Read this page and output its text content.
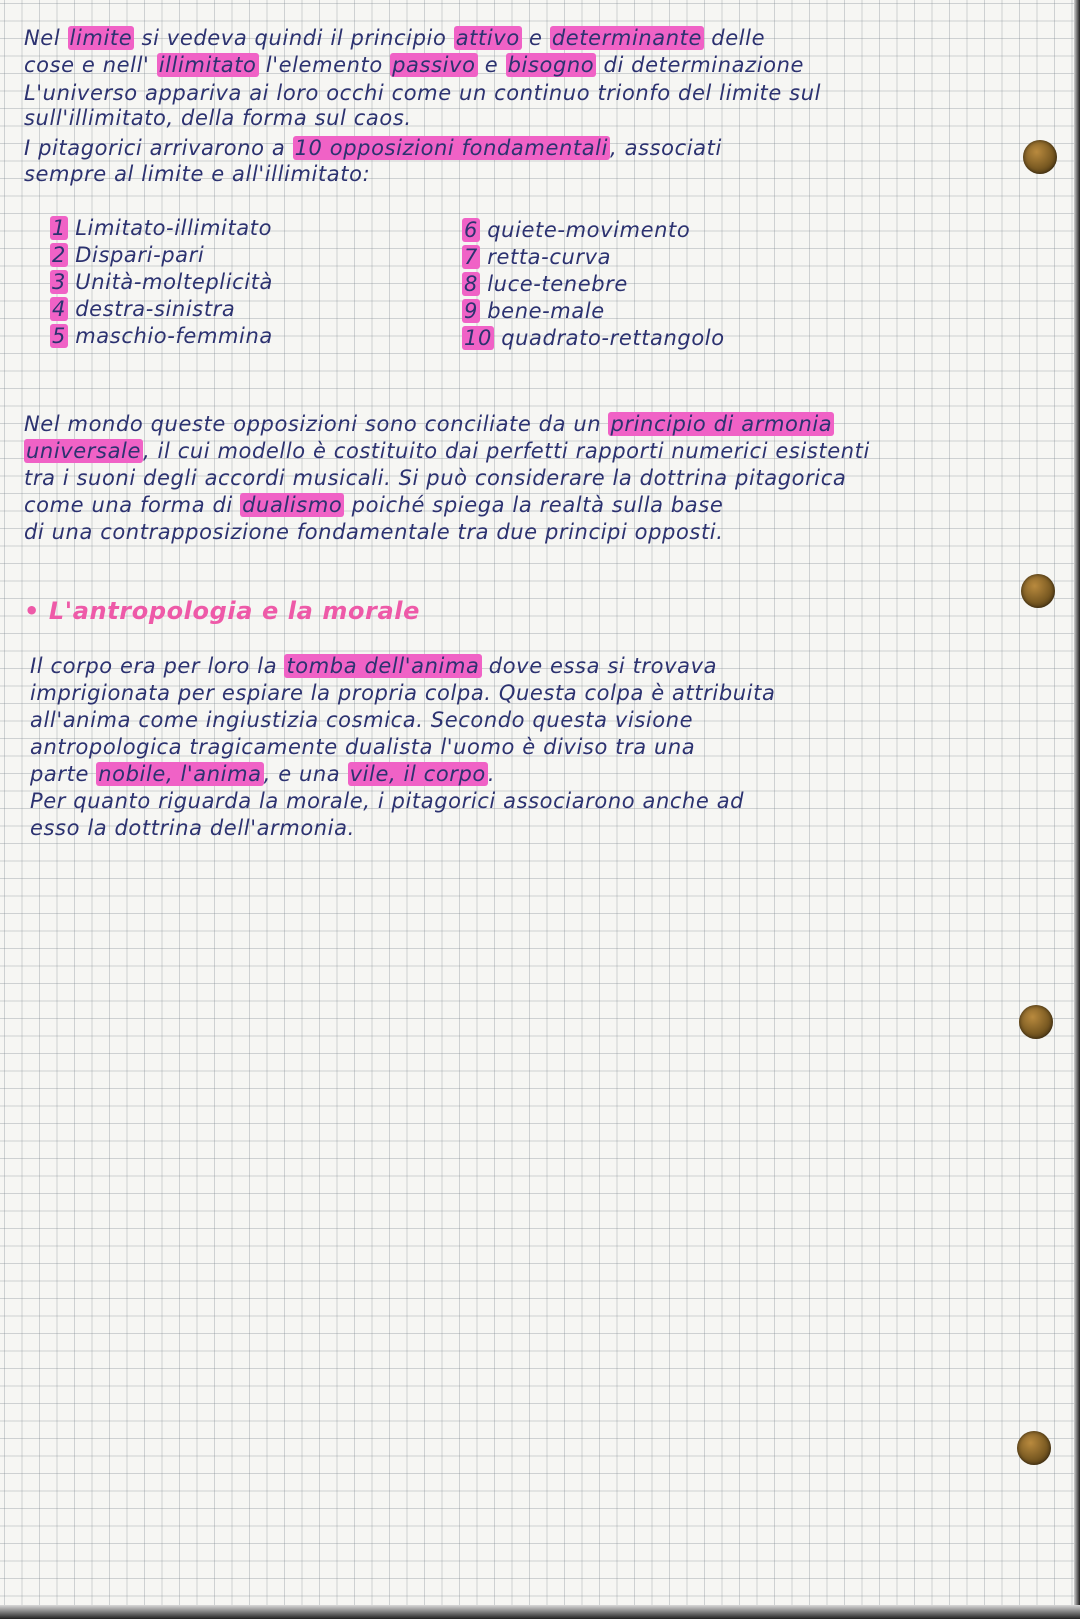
Nel limite si vedeva quindi il principio attivo e determinante delle
cose e nell' illimitato l'elemento passivo e bisogno di determinazione
L'universo appariva ai loro occhi come un continuo trionfo del limite sul
sull'illimitato, della forma sul caos.
I pitagorici arrivarono a 10 opposizioni fondamentali, associati
sempre al limite e all'illimitato:
1 Limitato-illimitato
2 Dispari-pari
3 Unità-molteplicità
4 destra-sinistra
5 maschio-femmina
6 quiete-movimento
7 retta-curva
8 luce-tenebre
9 bene-male
10 quadrato-rettangolo
Nel mondo queste opposizioni sono conciliate da un principio di armonia
universale, il cui modello è costituito dai perfetti rapporti numerici esistenti
tra i suoni degli accordi musicali. Si può considerare la dottrina pitagorica
come una forma di dualismo poiché spiega la realtà sulla base
di una contrapposizione fondamentale tra due principi opposti.
• L'antropologia e la morale
Il corpo era per loro la tomba dell'anima dove essa si trovava
imprigionata per espiare la propria colpa. Questa colpa è attribuita
all'anima come ingiustizia cosmica. Secondo questa visione
antropologica tragicamente dualista l'uomo è diviso tra una
parte nobile, l'anima, e una vile, il corpo.
Per quanto riguarda la morale, i pitagorici associarono anche ad
esso la dottrina dell'armonia.
